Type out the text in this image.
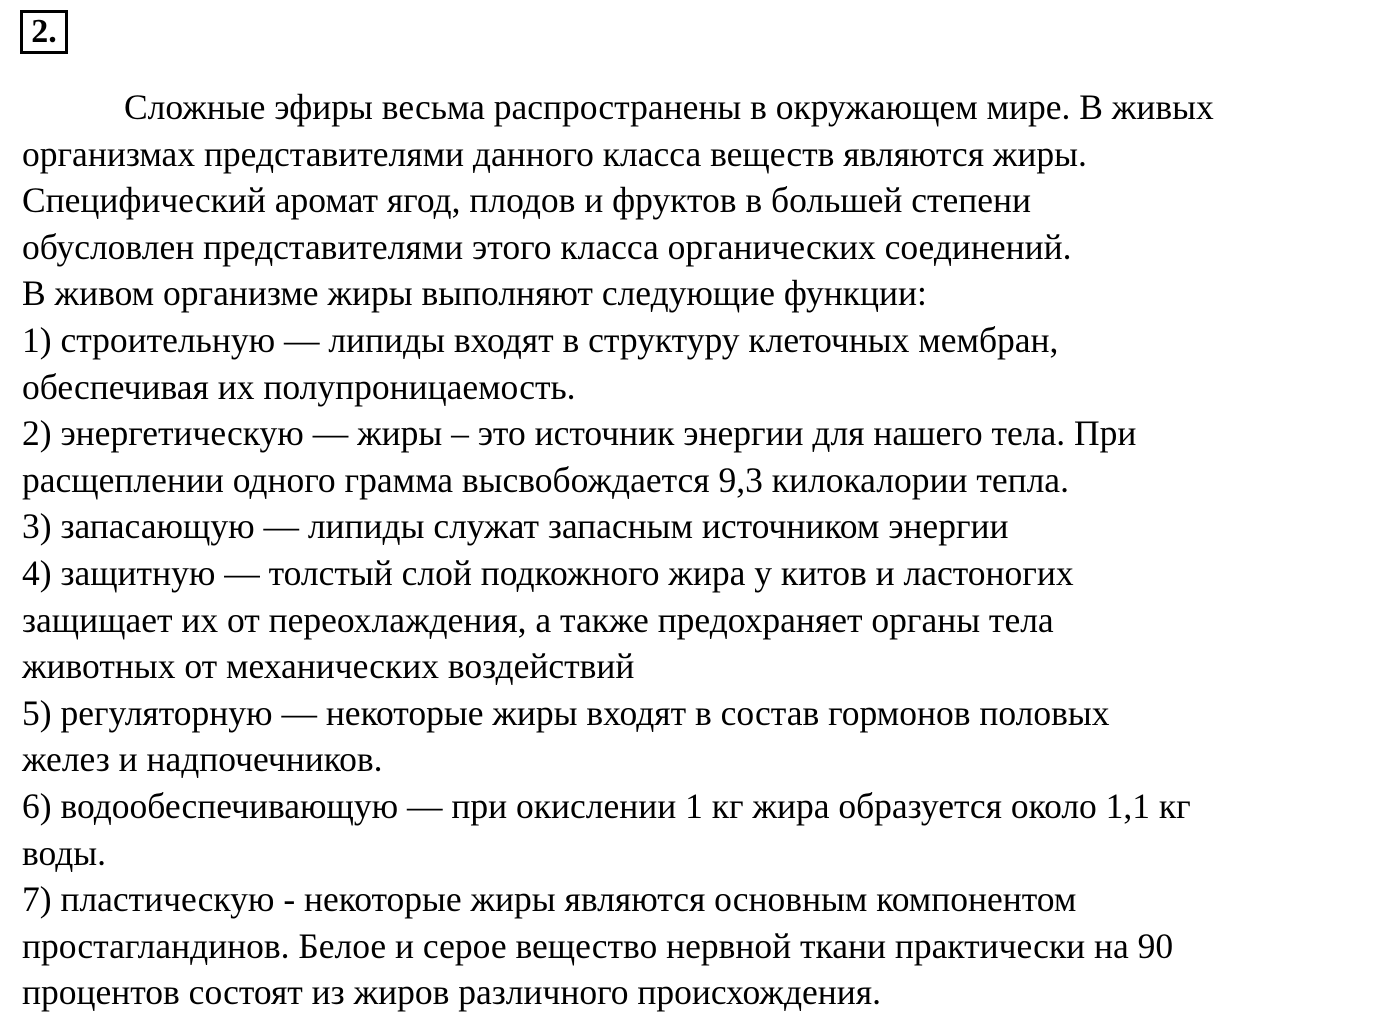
2.
Сложные эфиры весьма распространены в окружающем мире. В живых
организмах представителями данного класса веществ являются жиры.
Специфический аромат ягод, плодов и фруктов в большей степени
обусловлен представителями этого класса органических соединений.
В живом организме жиры выполняют следующие функции:
1) строительную — липиды входят в структуру клеточных мембран,
обеспечивая их полупроницаемость.
2) энергетическую — жиры – это источник энергии для нашего тела. При
расщеплении одного грамма высвобождается 9,3 килокалории тепла.
3) запасающую — липиды служат запасным источником энергии
4) защитную — толстый слой подкожного жира у китов и ластоногих
защищает их от переохлаждения, а также предохраняет органы тела
животных от механических воздействий
5) регуляторную — некоторые жиры входят в состав гормонов половых
желез и надпочечников.
6) водообеспечивающую — при окислении 1 кг жира образуется около 1,1 кг
воды.
7) пластическую - некоторые жиры являются основным компонентом
простагландинов. Белое и серое вещество нервной ткани практически на 90
процентов состоят из жиров различного происхождения.
